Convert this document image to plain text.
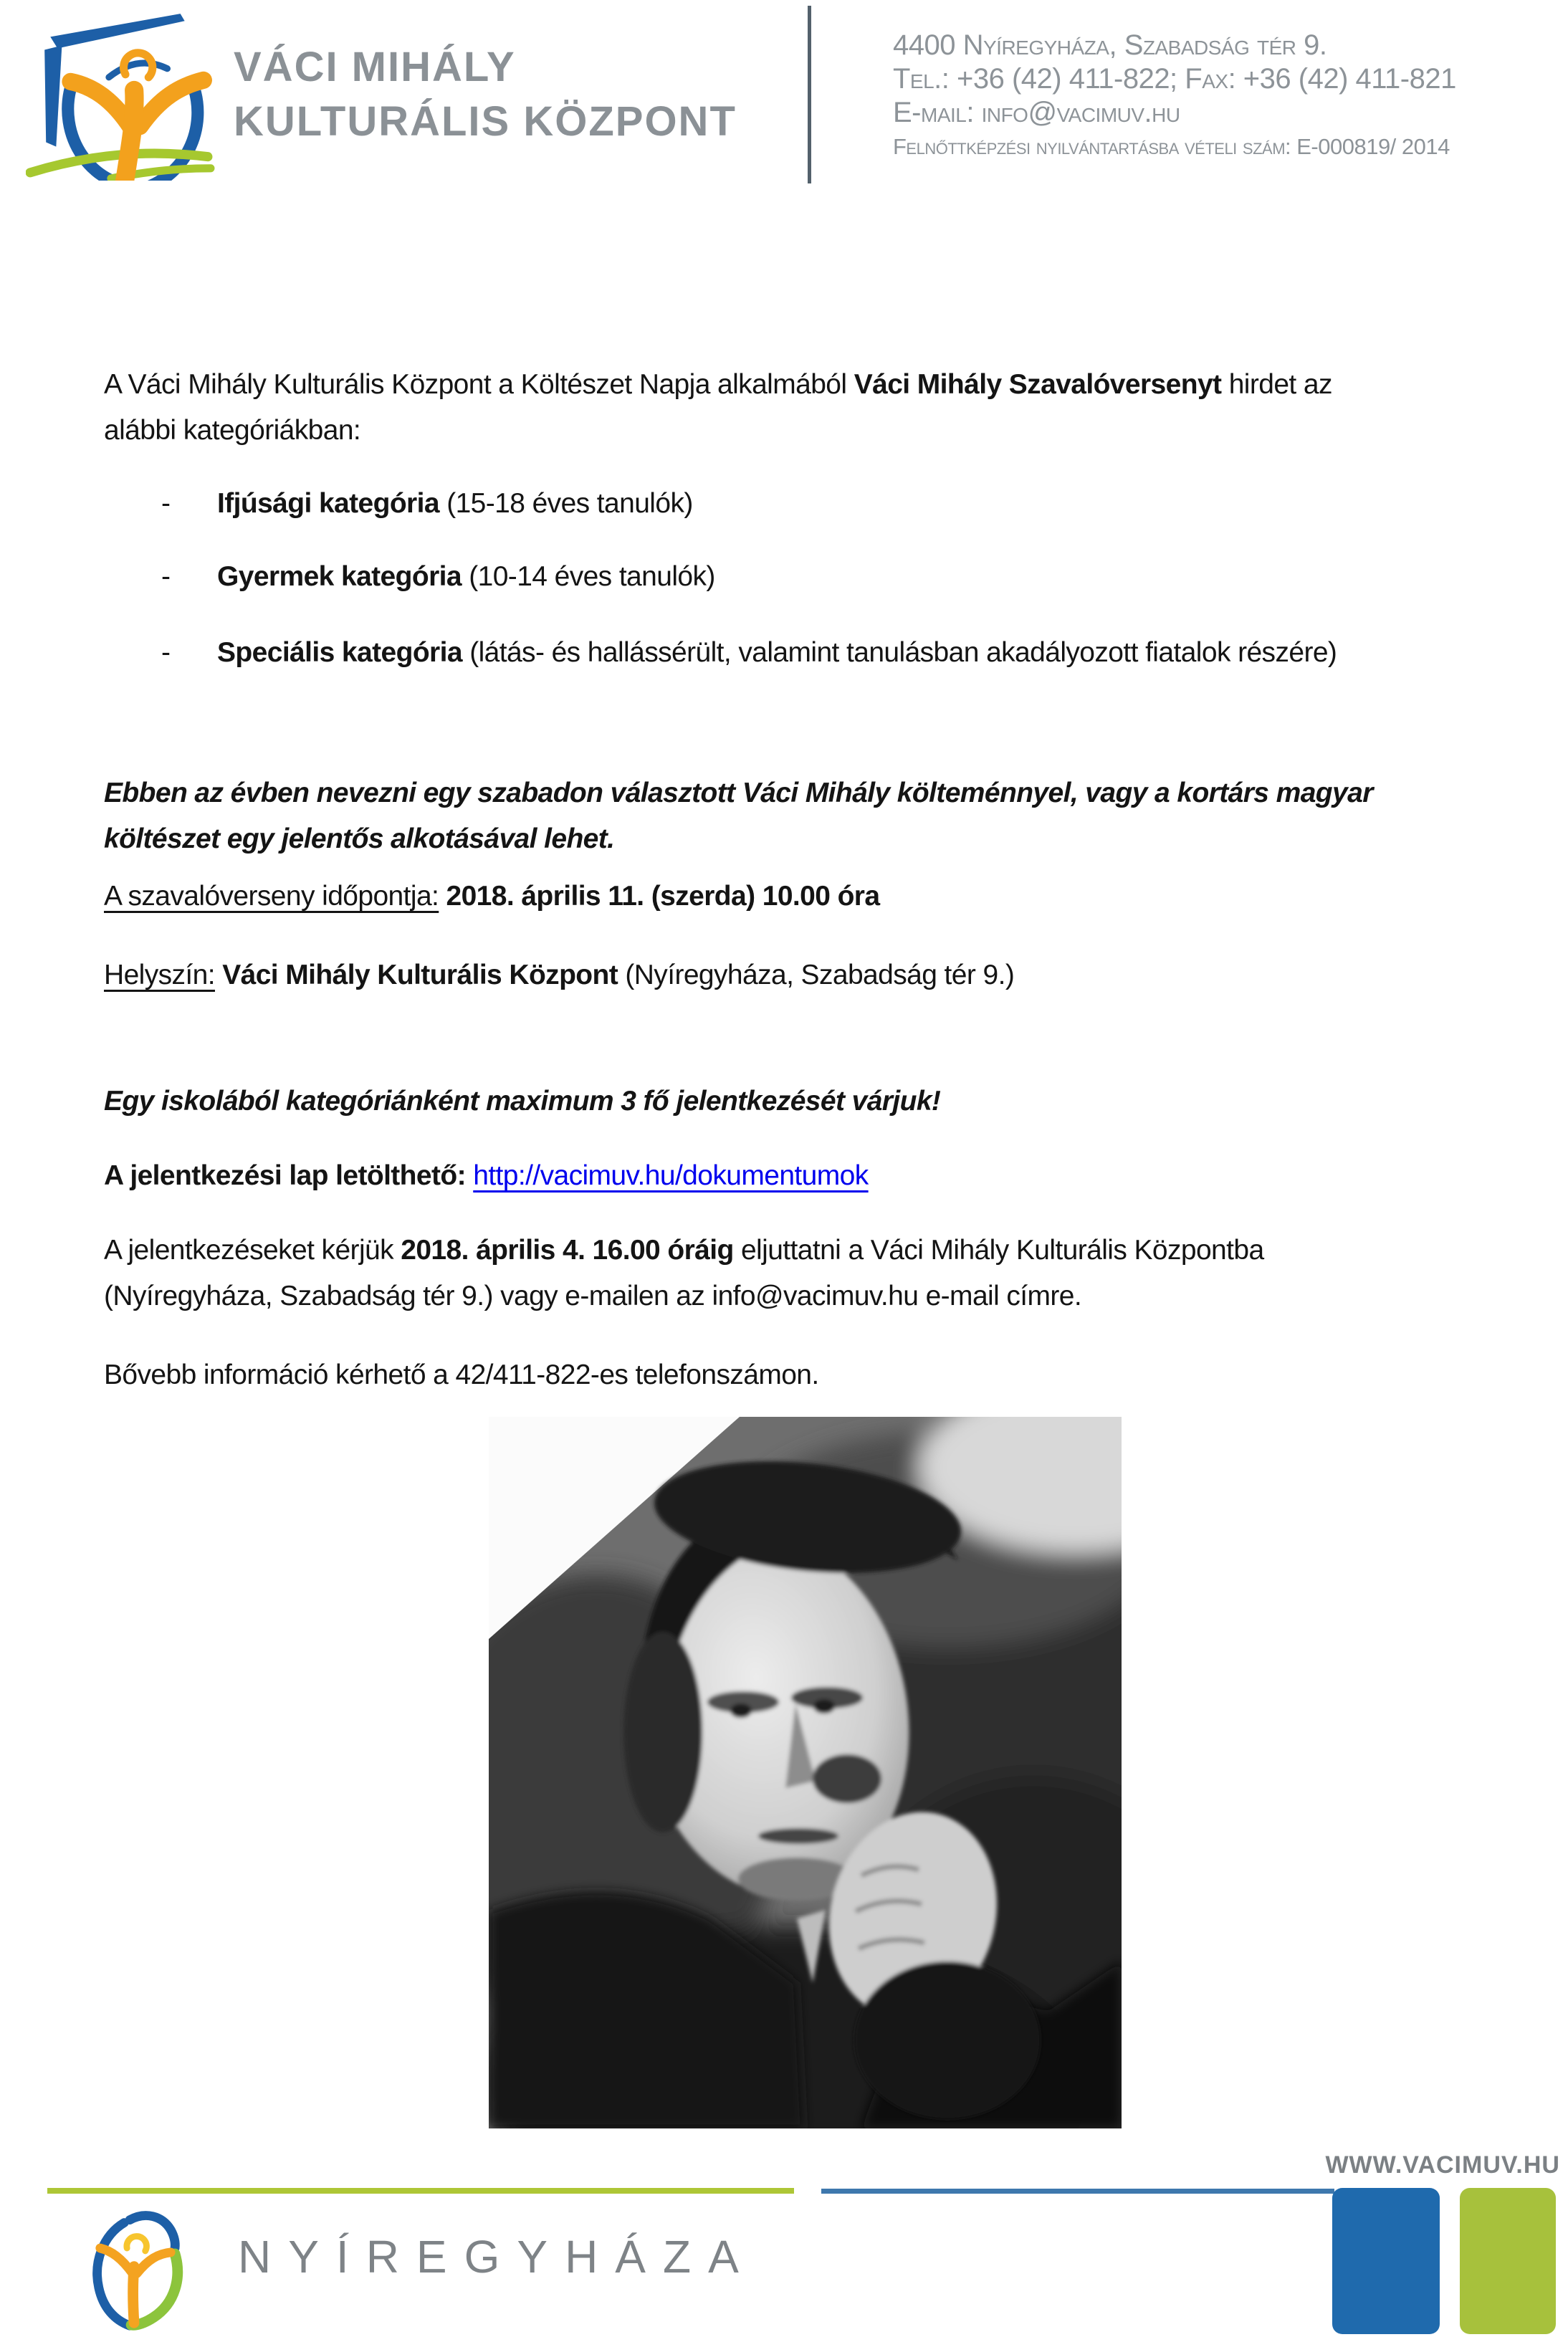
VÁCI MIHÁLY
KULTURÁLIS KÖZPONT
4400 Nyíregyháza, Szabadság tér 9.
Tel.: +36 (42) 411-822; Fax: +36 (42) 411-821
E-mail: info@vacimuv.hu
Felnőttképzési nyilvántartásba vételi szám: E-000819/ 2014

A Váci Mihály Kulturális Központ a Költészet Napja alkalmából Váci Mihály Szavalóversenyt hirdet az
alábbi kategóriákban:

-	Ifjúsági kategória (15-18 éves tanulók)
-	Gyermek kategória (10-14 éves tanulók)
-	Speciális kategória (látás- és hallássérült, valamint tanulásban akadályozott fiatalok részére)

Ebben az évben nevezni egy szabadon választott Váci Mihály költeménnyel, vagy a kortárs magyar
költészet egy jelentős alkotásával lehet.

A szavalóverseny időpontja: 2018. április 11. (szerda) 10.00 óra

Helyszín: Váci Mihály Kulturális Központ (Nyíregyháza, Szabadság tér 9.)

Egy iskolából kategóriánként maximum 3 fő jelentkezését várjuk!

A jelentkezési lap letölthető: http://vacimuv.hu/dokumentumok

A jelentkezéseket kérjük 2018. április 4. 16.00 óráig eljuttatni a Váci Mihály Kulturális Központba
(Nyíregyháza, Szabadság tér 9.) vagy e-mailen az info@vacimuv.hu e-mail címre.

Bővebb információ kérhető a 42/411-822-es telefonszámon.

WWW.VACIMUV.HU
NYÍREGYHÁZA
